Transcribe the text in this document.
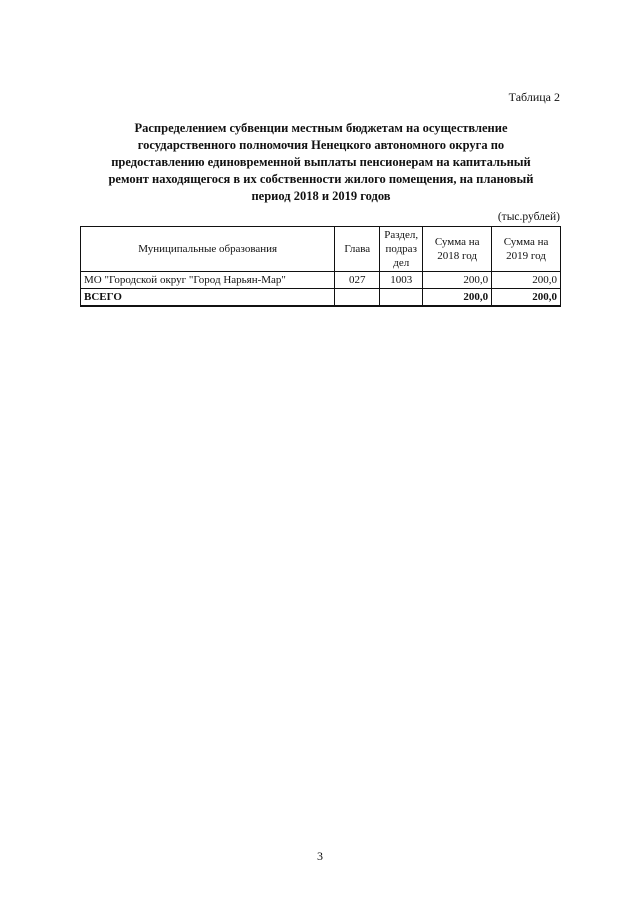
Таблица 2
Распределением субвенции местным бюджетам на осуществление
государственного полномочия Ненецкого автономного округа по
предоставлению единовременной выплаты пенсионерам на капитальный
ремонт находящегося в их собственности жилого помещения, на плановый
период 2018 и 2019 годов
(тыс.рублей)
Муниципальные образования	Глава	Раздел,
подраз
дел	Сумма на
2018 год	Сумма на
2019 год
МО "Городской округ "Город Нарьян-Мар"	027	1003	200,0	200,0
ВСЕГО			200,0	200,0
3
